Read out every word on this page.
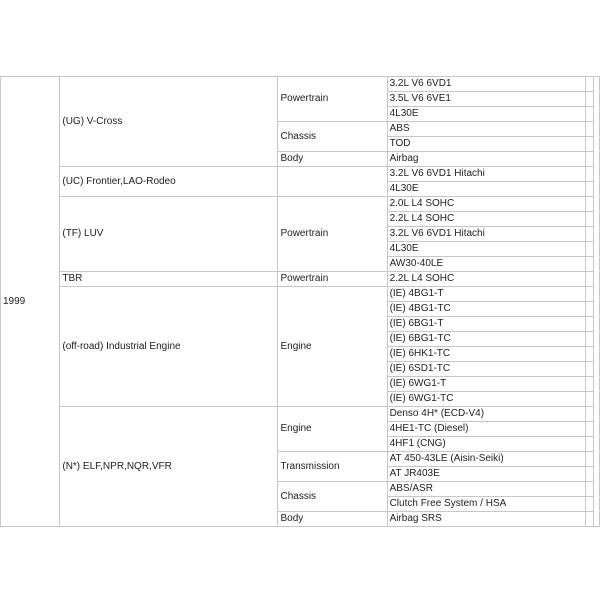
1999	(UG) V-Cross	Powertrain	3.2L V6 6VD1		
			3.5L V6 6VE1		
			4L30E		
		Chassis	ABS		
			TOD		
		Body	Airbag		
	(UC) Frontier,LAO-Rodeo		3.2L V6 6VD1 Hitachi		
			4L30E		
	(TF) LUV	Powertrain	2.0L L4 SOHC		
			2.2L L4 SOHC		
			3.2L V6 6VD1 Hitachi		
			4L30E		
			AW30-40LE		
	TBR	Powertrain	2.2L L4 SOHC		
	(off-road) Industrial Engine	Engine	(IE) 4BG1-T		
			(IE) 4BG1-TC		
			(IE) 6BG1-T		
			(IE) 6BG1-TC		
			(IE) 6HK1-TC		
			(IE) 6SD1-TC		
			(IE) 6WG1-T		
			(IE) 6WG1-TC		
	(N*) ELF,NPR,NQR,VFR	Engine	Denso 4H* (ECD-V4)		
			4HE1-TC (Diesel)		
			4HF1 (CNG)		
		Transmission	AT 450-43LE (Aisin-Seiki)		
			AT JR403E		
		Chassis	ABS/ASR		
			Clutch Free System / HSA		
		Body	Airbag SRS		
